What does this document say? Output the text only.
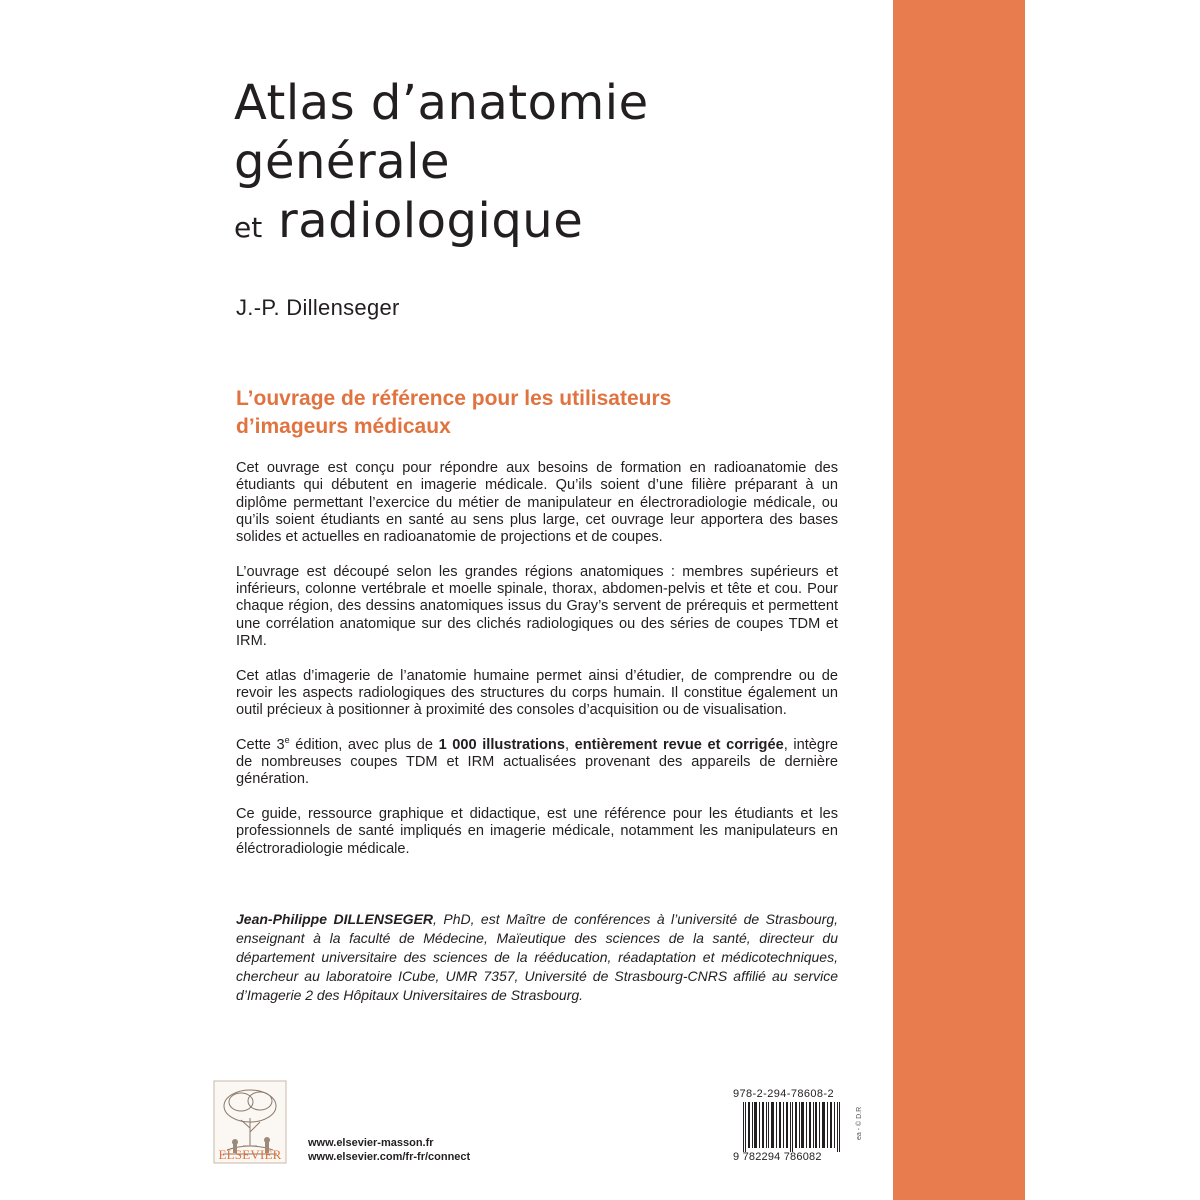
Atlas d’anatomie
générale
et radiologique

J.-P. Dillenseger

L’ouvrage de référence pour les utilisateurs
d’imageurs médicaux

Cet ouvrage est conçu pour répondre aux besoins de formation en radioanatomie des étudiants qui débutent en imagerie médicale. Qu’ils soient d’une filière préparant à un diplôme permettant l’exercice du métier de manipulateur en électroradiologie médicale, ou qu’ils soient étudiants en santé au sens plus large, cet ouvrage leur apportera des bases solides et actuelles en radioanatomie de projections et de coupes.

L’ouvrage est découpé selon les grandes régions anatomiques : membres supérieurs et inférieurs, colonne vertébrale et moelle spinale, thorax, abdomen-pelvis et tête et cou. Pour chaque région, des dessins anatomiques issus du Gray’s servent de prérequis et permettent une corrélation anatomique sur des clichés radiologiques ou des séries de coupes TDM et IRM.

Cet atlas d’imagerie de l’anatomie humaine permet ainsi d’étudier, de comprendre ou de revoir les aspects radiologiques des structures du corps humain. Il constitue également un outil précieux à positionner à proximité des consoles d’acquisition ou de visualisation.

Cette 3e édition, avec plus de 1 000 illustrations, entièrement revue et corrigée, intègre de nombreuses coupes TDM et IRM actualisées provenant des appareils de dernière génération.

Ce guide, ressource graphique et didactique, est une référence pour les étudiants et les professionnels de santé impliqués en imagerie médicale, notamment les manipulateurs en éléctroradiologie médicale.

Jean-Philippe DILLENSEGER, PhD, est Maître de conférences à l’université de Strasbourg, enseignant à la faculté de Médecine, Maïeutique des sciences de la santé, directeur du département universitaire des sciences de la rééducation, réadaptation et médicotechniques, chercheur au laboratoire ICube, UMR 7357, Université de Strasbourg-CNRS affilié au service d’Imagerie 2 des Hôpitaux Universitaires de Strasbourg.

ELSEVIER
www.elsevier-masson.fr
www.elsevier.com/fr-fr/connect
978-2-294-78608-2
9 782294 786082
ea - © D.R
